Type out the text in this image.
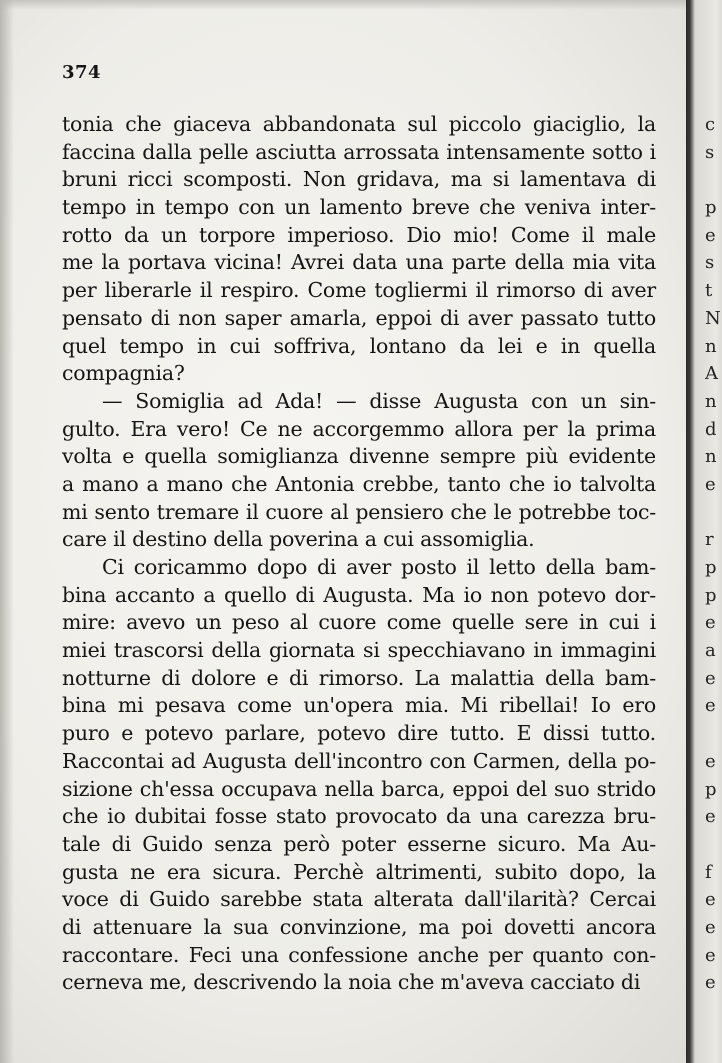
374
tonia che giaceva abbandonata sul piccolo giaciglio, la
faccina dalla pelle asciutta arrossata intensamente sotto i
bruni ricci scomposti. Non gridava, ma si lamentava di
tempo in tempo con un lamento breve che veniva inter-
rotto da un torpore imperioso. Dio mio! Come il male
me la portava vicina! Avrei data una parte della mia vita
per liberarle il respiro. Come togliermi il rimorso di aver
pensato di non saper amarla, eppoi di aver passato tutto
quel tempo in cui soffriva, lontano da lei e in quella
compagnia?
— Somiglia ad Ada! — disse Augusta con un sin-
gulto. Era vero! Ce ne accorgemmo allora per la prima
volta e quella somiglianza divenne sempre più evidente
a mano a mano che Antonia crebbe, tanto che io talvolta
mi sento tremare il cuore al pensiero che le potrebbe toc-
care il destino della poverina a cui assomiglia.
Ci coricammo dopo di aver posto il letto della bam-
bina accanto a quello di Augusta. Ma io non potevo dor-
mire: avevo un peso al cuore come quelle sere in cui i
miei trascorsi della giornata si specchiavano in immagini
notturne di dolore e di rimorso. La malattia della bam-
bina mi pesava come un'opera mia. Mi ribellai! Io ero
puro e potevo parlare, potevo dire tutto. E dissi tutto.
Raccontai ad Augusta dell'incontro con Carmen, della po-
sizione ch'essa occupava nella barca, eppoi del suo strido
che io dubitai fosse stato provocato da una carezza bru-
tale di Guido senza però poter esserne sicuro. Ma Au-
gusta ne era sicura. Perchè altrimenti, subito dopo, la
voce di Guido sarebbe stata alterata dall'ilarità? Cercai
di attenuare la sua convinzione, ma poi dovetti ancora
raccontare. Feci una confessione anche per quanto con-
cerneva me, descrivendo la noia che m'aveva cacciato di
c
s
p
e
s
t
N
n
A
n
d
n
e
r
p
p
e
a
e
e
e
p
e
f
e
e
e
e
